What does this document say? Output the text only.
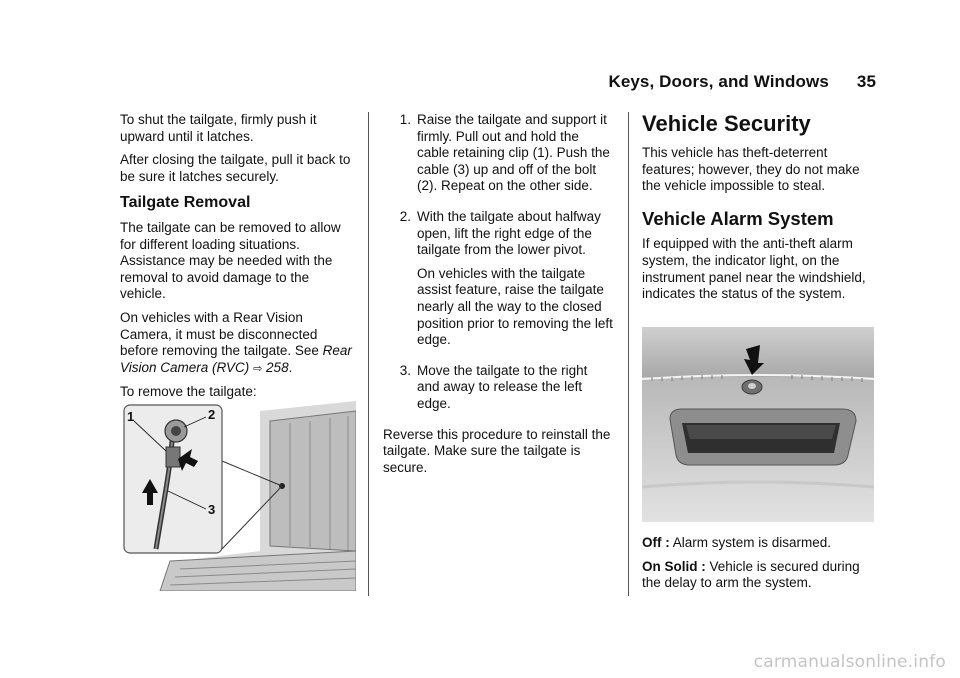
Keys, Doors, and Windows 35

To shut the tailgate, firmly push it upward until it latches.

After closing the tailgate, pull it back to be sure it latches securely.

Tailgate Removal

The tailgate can be removed to allow for different loading situations. Assistance may be needed with the removal to avoid damage to the vehicle.

On vehicles with a Rear Vision Camera, it must be disconnected before removing the tailgate. See Rear Vision Camera (RVC) ⇨ 258.

To remove the tailgate:

1	2
3
1. Raise the tailgate and support it firmly. Pull out and hold the cable retaining clip (1). Push the cable (3) up and off of the bolt (2). Repeat on the other side.

2. With the tailgate about halfway open, lift the right edge of the tailgate from the lower pivot.

On vehicles with the tailgate assist feature, raise the tailgate nearly all the way to the closed position prior to removing the left edge.

3. Move the tailgate to the right and away to release the left edge.

Reverse this procedure to reinstall the tailgate. Make sure the tailgate is secure.

Vehicle Security

This vehicle has theft-deterrent features; however, they do not make the vehicle impossible to steal.

Vehicle Alarm System

If equipped with the anti-theft alarm system, the indicator light, on the instrument panel near the windshield, indicates the status of the system.

Off : Alarm system is disarmed.

On Solid : Vehicle is secured during the delay to arm the system.

carmanualsonline.info
